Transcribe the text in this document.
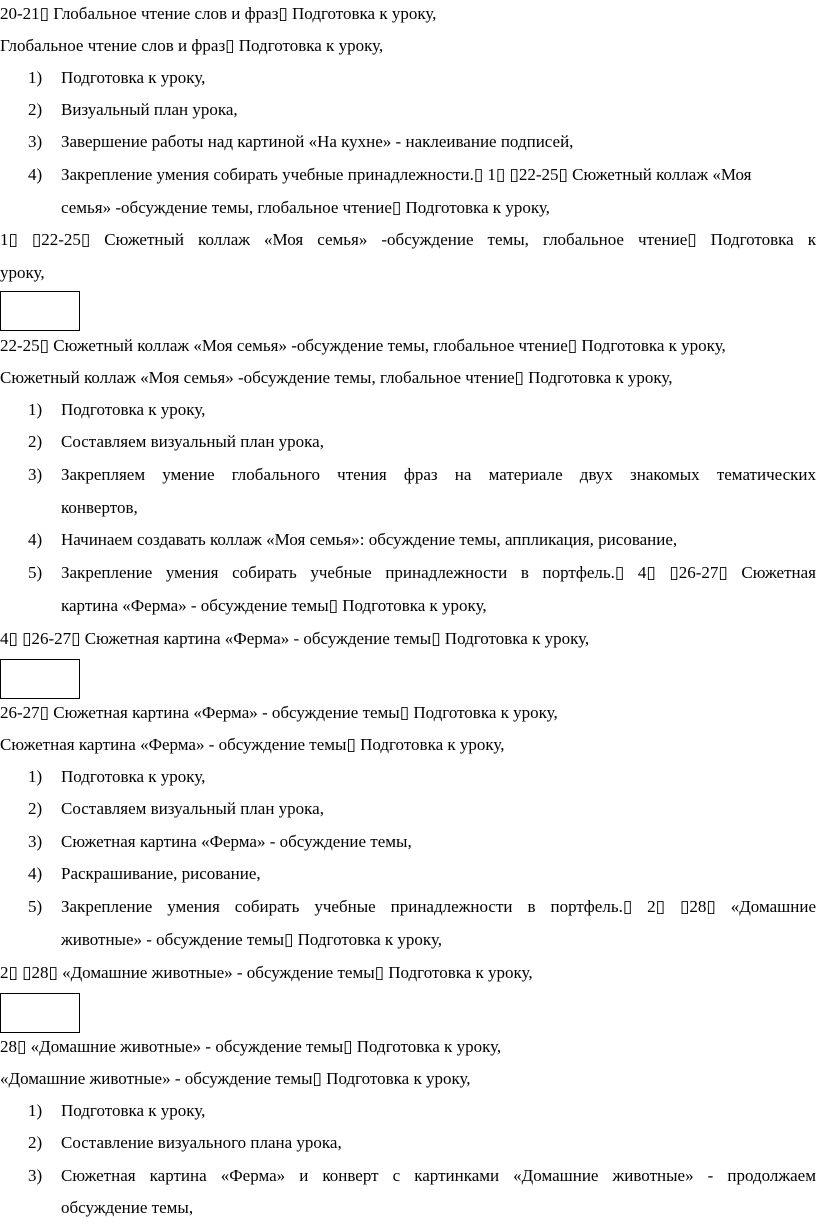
20-21▯ Глобальное чтение слов и фраз▯ Подготовка к уроку,
Глобальное чтение слов и фраз▯ Подготовка к уроку,
1)	Подготовка к уроку,
2)	Визуальный план урока,
3)	Завершение работы над картиной «На кухне» - наклеивание подписей,
4)	Закрепление умения собирать учебные принадлежности.▯ 1▯ ▯22-25▯ Сюжетный коллаж «Моя
семья» -обсуждение темы, глобальное чтение▯ Подготовка к уроку,
1▯ ▯22-25▯ Сюжетный коллаж «Моя семья» -обсуждение темы, глобальное чтение▯ Подготовка к
уроку,
22-25▯ Сюжетный коллаж «Моя семья» -обсуждение темы, глобальное чтение▯ Подготовка к уроку,
Сюжетный коллаж «Моя семья» -обсуждение темы, глобальное чтение▯ Подготовка к уроку,
1)	Подготовка к уроку,
2)	Составляем визуальный план урока,
3)	Закрепляем умение глобального чтения фраз на материале двух знакомых тематических
конвертов,
4)	Начинаем создавать коллаж «Моя семья»: обсуждение темы, аппликация, рисование,
5)	Закрепление умения собирать учебные принадлежности в портфель.▯ 4▯ ▯26-27▯ Сюжетная
картина «Ферма» - обсуждение темы▯ Подготовка к уроку,
4▯ ▯26-27▯ Сюжетная картина «Ферма» - обсуждение темы▯ Подготовка к уроку,
26-27▯ Сюжетная картина «Ферма» - обсуждение темы▯ Подготовка к уроку,
Сюжетная картина «Ферма» - обсуждение темы▯ Подготовка к уроку,
1)	Подготовка к уроку,
2)	Составляем визуальный план урока,
3)	Сюжетная картина «Ферма» - обсуждение темы,
4)	Раскрашивание, рисование,
5)	Закрепление умения собирать учебные принадлежности в портфель.▯ 2▯ ▯28▯ «Домашние
животные» - обсуждение темы▯ Подготовка к уроку,
2▯ ▯28▯ «Домашние животные» - обсуждение темы▯ Подготовка к уроку,
28▯ «Домашние животные» - обсуждение темы▯ Подготовка к уроку,
«Домашние животные» - обсуждение темы▯ Подготовка к уроку,
1)	Подготовка к уроку,
2)	Составление визуального плана урока,
3)	Сюжетная картина «Ферма» и конверт с картинками «Домашние животные» - продолжаем
обсуждение темы,
